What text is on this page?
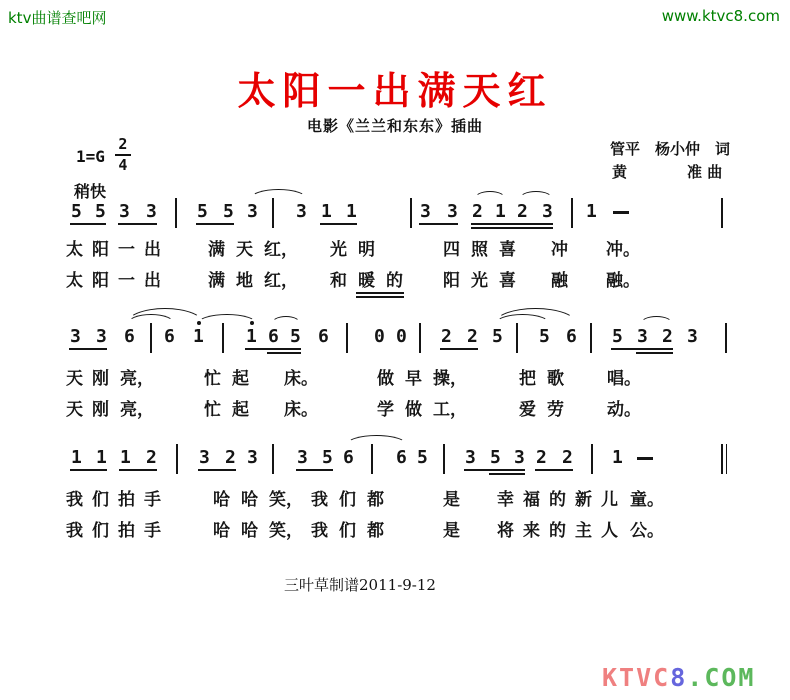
ktv曲谱查吧网	www.ktvc8.com
太阳一出满天红
电影《兰兰和东东》插曲
管平　杨小仲　词
黄　　　　准 曲
$1=G \frac{2}{4}$
稍快
5 5 3 3 5 5 3 3 1 1	3 3 2 1 2 3 1
3 3 6 6 1 1 6 5 6	0 0 2 2 5 5 6 5 3 2 3
1 1 1 2 3 2 3 3 5 6 6 5 3 5 3 2 2 1
太 阳 一 出	满 天 红， 光 明	四 照 喜 冲 冲。
太 阳 一 出	满 地 红， 和 暖 的 阳 光 喜 融 融。
天 刚 亮，	忙 起 床。	做 早 操，	把 歌	唱。
天 刚 亮，	忙 起 床。	学 做 工，	爱 劳	动。
我 们 拍 手	哈 哈 笑， 我 们 都	是 幸 福 的 新 儿 童。
我 们 拍 手	哈 哈 笑， 我 们 都	是 将 来 的 主 人 公。
三叶草制谱2011-9-12
KTVC8.COM
